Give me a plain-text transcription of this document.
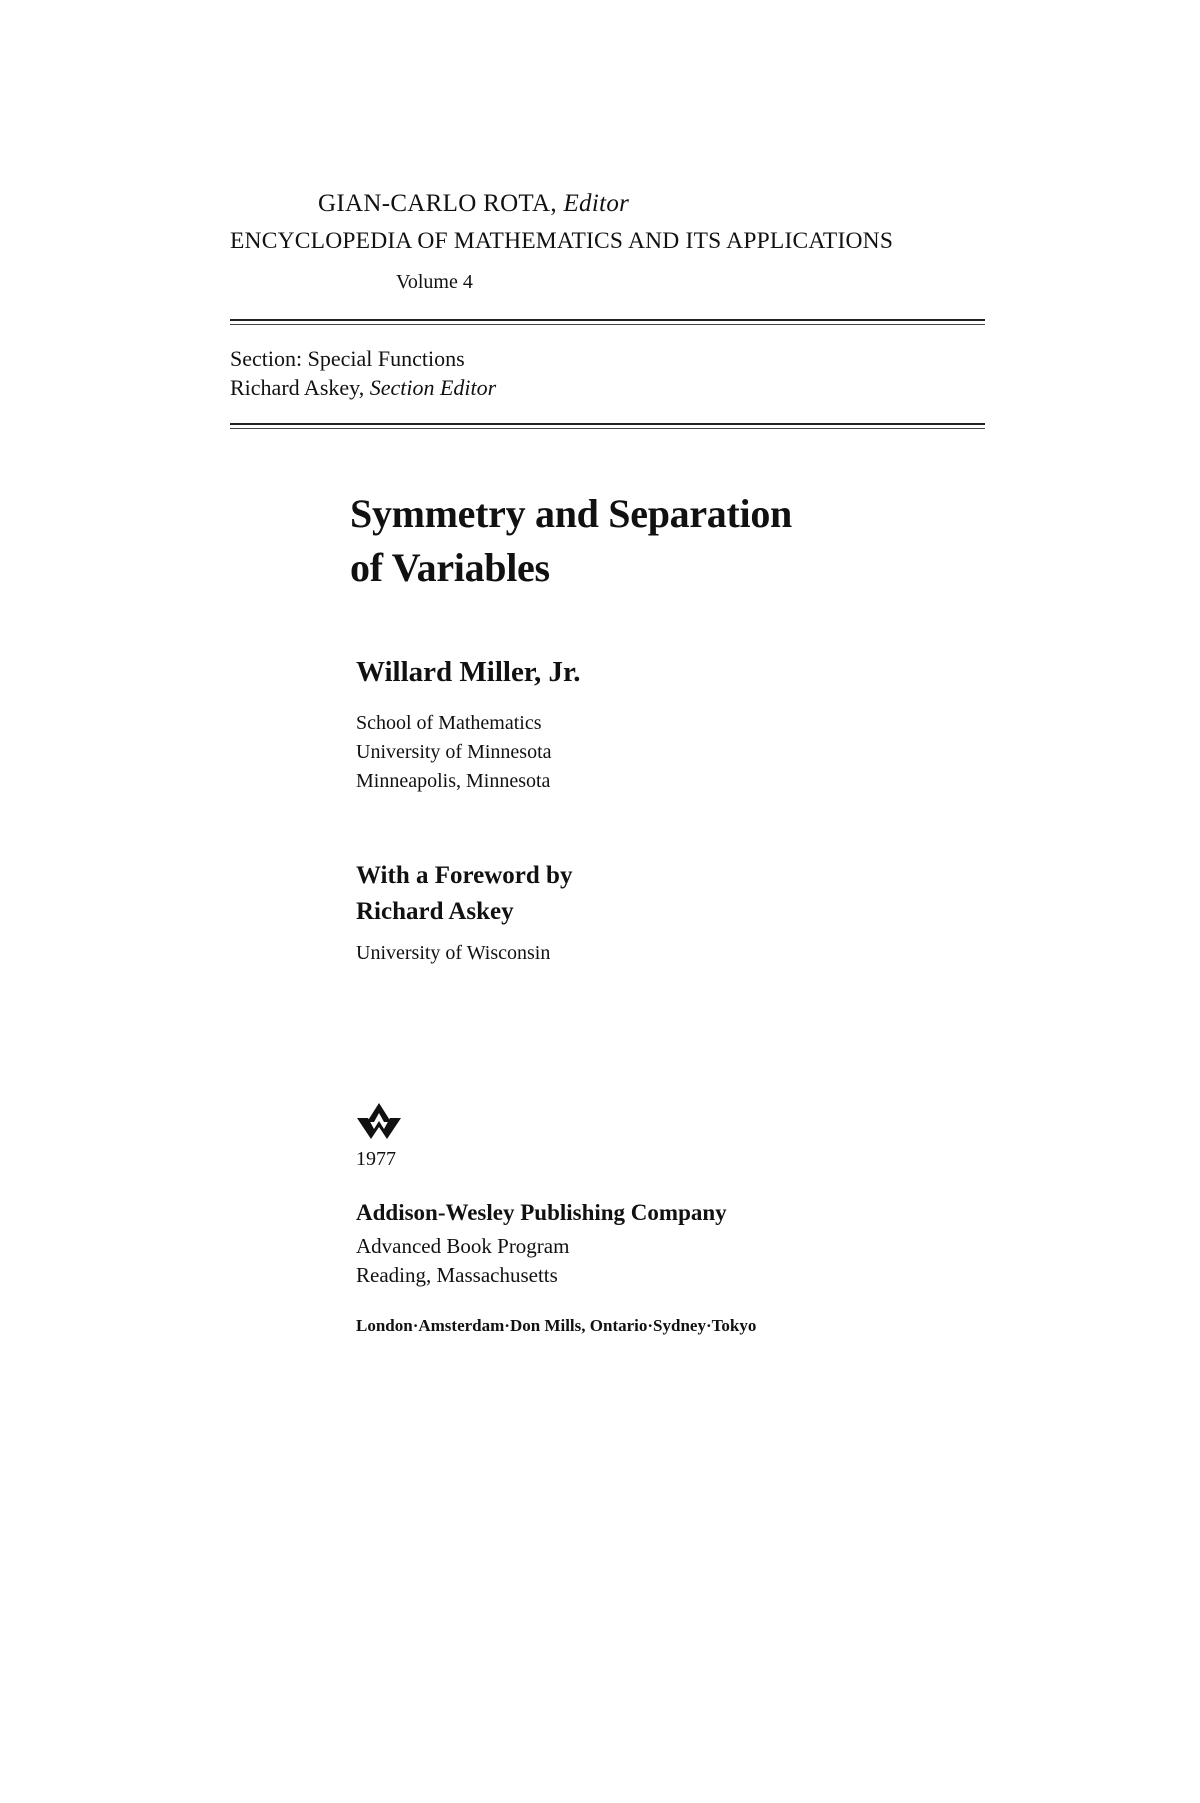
GIAN-CARLO ROTA, Editor
ENCYCLOPEDIA OF MATHEMATICS AND ITS APPLICATIONS
Volume 4
Section: Special Functions
Richard Askey, Section Editor
Symmetry and Separation
of Variables
Willard Miller, Jr.
School of Mathematics
University of Minnesota
Minneapolis, Minnesota
With a Foreword by
Richard Askey
University of Wisconsin
1977
Addison-Wesley Publishing Company
Advanced Book Program
Reading, Massachusetts
London·Amsterdam·Don Mills, Ontario·Sydney·Tokyo
